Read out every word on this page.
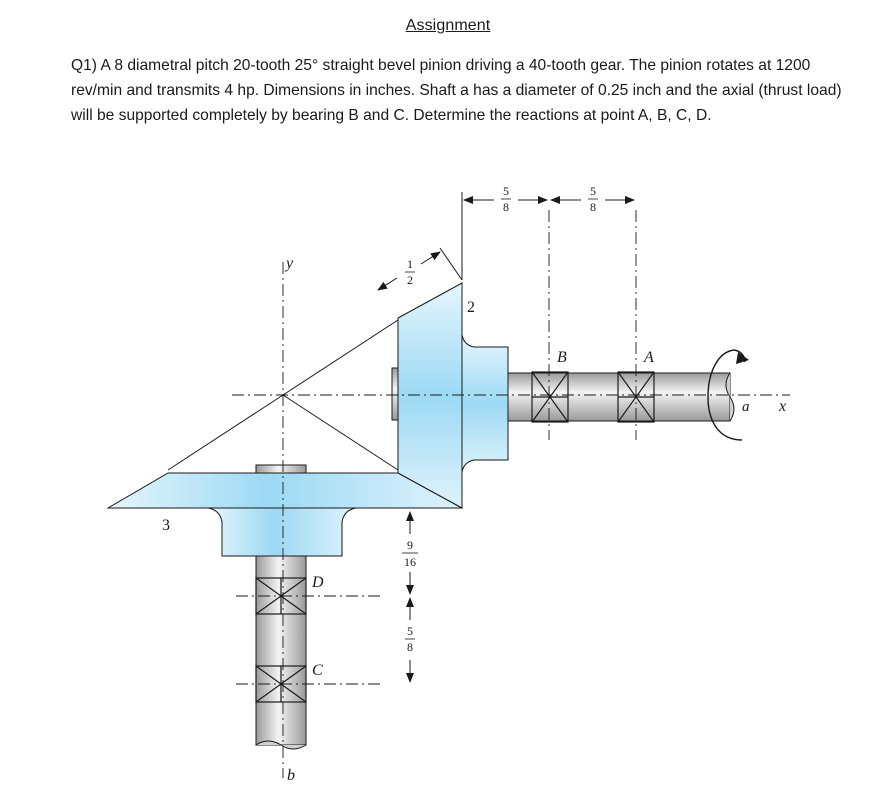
Assignment
Q1) A 8 diametral pitch 20-tooth 25° straight bevel pinion driving a 40-tooth gear. The pinion rotates at 1200 rev/min and transmits 4 hp. Dimensions in inches. Shaft a has a diameter of 0.25 inch and the axial (thrust load) will be supported completely by bearing B and C. Determine the reactions at point A, B, C, D.
5
8
5
8
1
2
9
16
5
8
y
x
a
b
2
3
A
B
C
D
